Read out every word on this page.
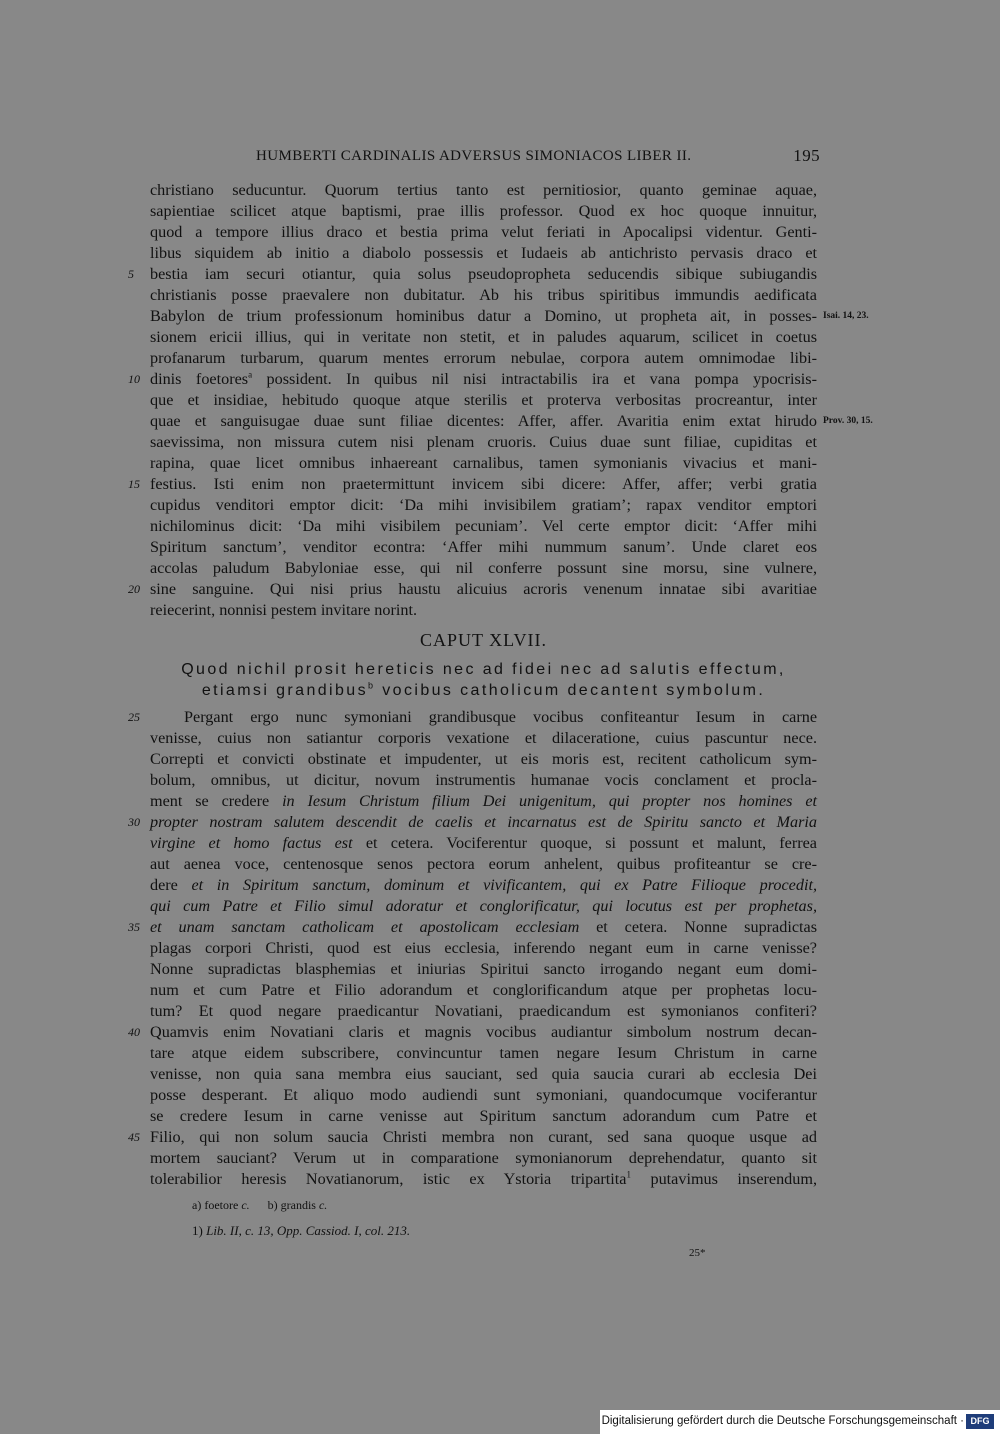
HUMBERTI CARDINALIS ADVERSUS SIMONIACOS LIBER II.	195
christiano seducuntur. Quorum tertius tanto est pernitiosior, quanto geminae aquae,
sapientiae scilicet atque baptismi, prae illis professor. Quod ex hoc quoque innuitur,
quod a tempore illius draco et bestia prima velut feriati in Apocalipsi videntur. Genti-
libus siquidem ab initio a diabolo possessis et Iudaeis ab antichristo pervasis draco et
bestia iam securi otiantur, quia solus pseudopropheta seducendis sibique subiugandis
christianis posse praevalere non dubitatur. Ab his tribus spiritibus immundis aedificata
Babylon de trium professionum hominibus datur a Domino, ut propheta ait, in posses-
sionem ericii illius, qui in veritate non stetit, et in paludes aquarum, scilicet in coetus
profanarum turbarum, quarum mentes errorum nebulae, corpora autem omnimodae libi-
dinis foetores$^a$ possident. In quibus nil nisi intractabilis ira et vana pompa ypocrisis-
que et insidiae, hebitudo quoque atque sterilis et proterva verbositas procreantur, inter
quae et sanguisugae duae sunt filiae dicentes: Affer, affer. Avaritia enim extat hirudo
saevissima, non missura cutem nisi plenam cruoris. Cuius duae sunt filiae, cupiditas et
rapina, quae licet omnibus inhaereant carnalibus, tamen symonianis vivacius et mani-
festius. Isti enim non praetermittunt invicem sibi dicere: Affer, affer; verbi gratia
cupidus venditori emptor dicit: ‘Da mihi invisibilem gratiam’; rapax venditor emptori
nichilominus dicit: ‘Da mihi visibilem pecuniam’. Vel certe emptor dicit: ‘Affer mihi
Spiritum sanctum’, venditor econtra: ‘Affer mihi nummum sanum’. Unde claret eos
accolas paludum Babyloniae esse, qui nil conferre possunt sine morsu, sine vulnere,
sine sanguine. Qui nisi prius haustu alicuius acroris venenum innatae sibi avaritiae
reiecerint, nonnisi pestem invitare norint.
CAPUT XLVII.
Quod nichil prosit hereticis nec ad fidei nec ad salutis effectum,
etiamsi grandibus$^b$ vocibus catholicum decantent symbolum.
Pergant ergo nunc symoniani grandibusque vocibus confiteantur Iesum in carne
venisse, cuius non satiantur corporis vexatione et dilaceratione, cuius pascuntur nece.
Correpti et convicti obstinate et impudenter, ut eis moris est, recitent catholicum sym-
bolum, omnibus, ut dicitur, novum instrumentis humanae vocis conclament et procla-
ment se credere in Iesum Christum filium Dei unigenitum, qui propter nos homines et
propter nostram salutem descendit de caelis et incarnatus est de Spiritu sancto et Maria
virgine et homo factus est et cetera. Vociferentur quoque, si possunt et malunt, ferrea
aut aenea voce, centenosque senos pectora eorum anhelent, quibus profiteantur se cre-
dere et in Spiritum sanctum, dominum et vivificantem, qui ex Patre Filioque procedit,
qui cum Patre et Filio simul adoratur et conglorificatur, qui locutus est per prophetas,
et unam sanctam catholicam et apostolicam ecclesiam et cetera. Nonne supradictas
plagas corpori Christi, quod est eius ecclesia, inferendo negant eum in carne venisse?
Nonne supradictas blasphemias et iniurias Spiritui sancto irrogando negant eum domi-
num et cum Patre et Filio adorandum et conglorificandum atque per prophetas locu-
tum? Et quod negare praedicantur Novatiani, praedicandum est symonianos confiteri?
Quamvis enim Novatiani claris et magnis vocibus audiantur simbolum nostrum decan-
tare atque eidem subscribere, convincuntur tamen negare Iesum Christum in carne
venisse, non quia sana membra eius sauciant, sed quia saucia curari ab ecclesia Dei
posse desperant. Et aliquo modo audiendi sunt symoniani, quandocumque vociferantur
se credere Iesum in carne venisse aut Spiritum sanctum adorandum cum Patre et
Filio, qui non solum saucia Christi membra non curant, sed sana quoque usque ad
mortem sauciant? Verum ut in comparatione symonianorum deprehendatur, quanto sit
tolerabilior heresis Novatianorum, istic ex Ystoria tripartita$^1$ putavimus inserendum,
5
10
15
20
25
30
35
40
45
Isai. 14, 23.
Prov. 30, 15.
a) foetore c. b) grandis c.
1) Lib. II, c. 13, Opp. Cassiod. I, col. 213.
25*
Digitalisierung gefördert durch die Deutsche Forschungsgemeinschaft · DFG
